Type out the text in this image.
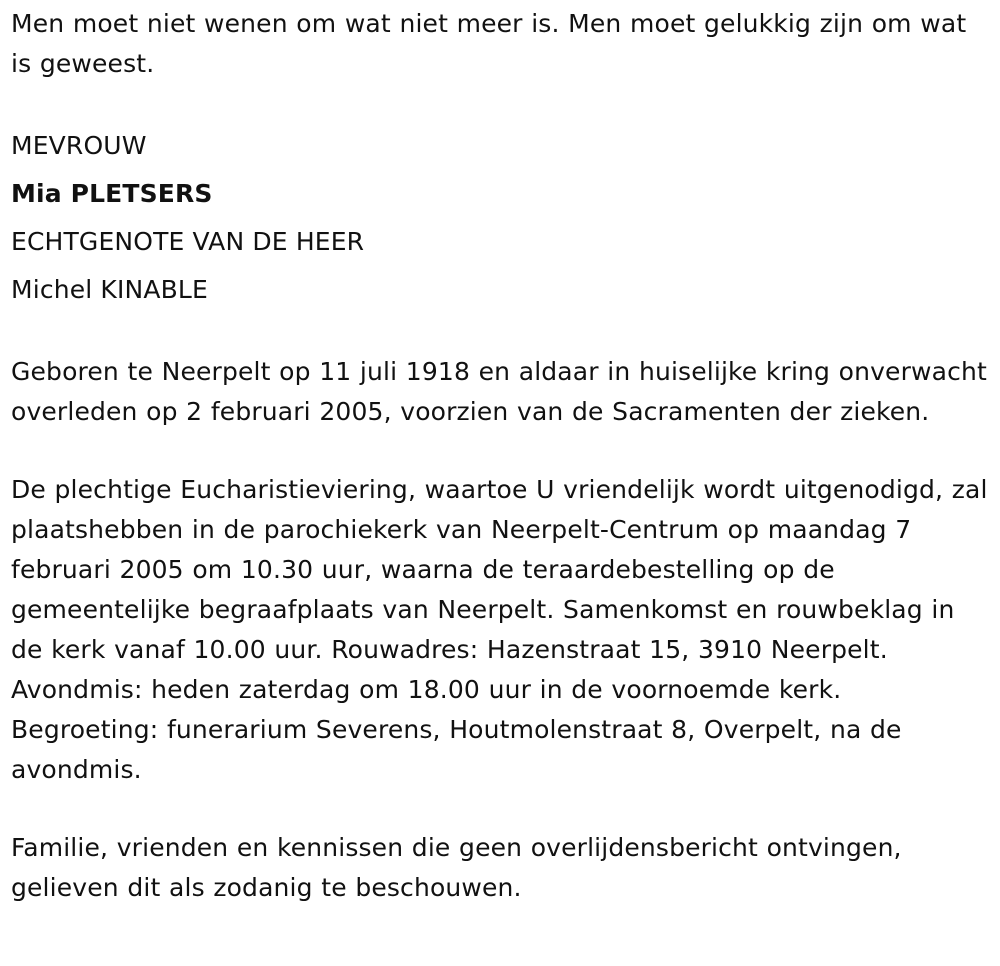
Men moet niet wenen om wat niet meer is. Men moet gelukkig zijn om wat is geweest.

MEVROUW

Mia PLETSERS

ECHTGENOTE VAN DE HEER

Michel KINABLE

Geboren te Neerpelt op 11 juli 1918 en aldaar in huiselijke kring onverwacht overleden op 2 februari 2005, voorzien van de Sacramenten der zieken.

De plechtige Eucharistieviering, waartoe U vriendelijk wordt uitgenodigd, zal plaatshebben in de parochiekerk van Neerpelt-Centrum op maandag 7 februari 2005 om 10.30 uur, waarna de teraardebestelling op de gemeentelijke begraafplaats van Neerpelt. Samenkomst en rouwbeklag in de kerk vanaf 10.00 uur. Rouwadres: Hazenstraat 15, 3910 Neerpelt. Avondmis: heden zaterdag om 18.00 uur in de voornoemde kerk. Begroeting: funerarium Severens, Houtmolenstraat 8, Overpelt, na de avondmis.

Familie, vrienden en kennissen die geen overlijdensbericht ontvingen, gelieven dit als zodanig te beschouwen.
